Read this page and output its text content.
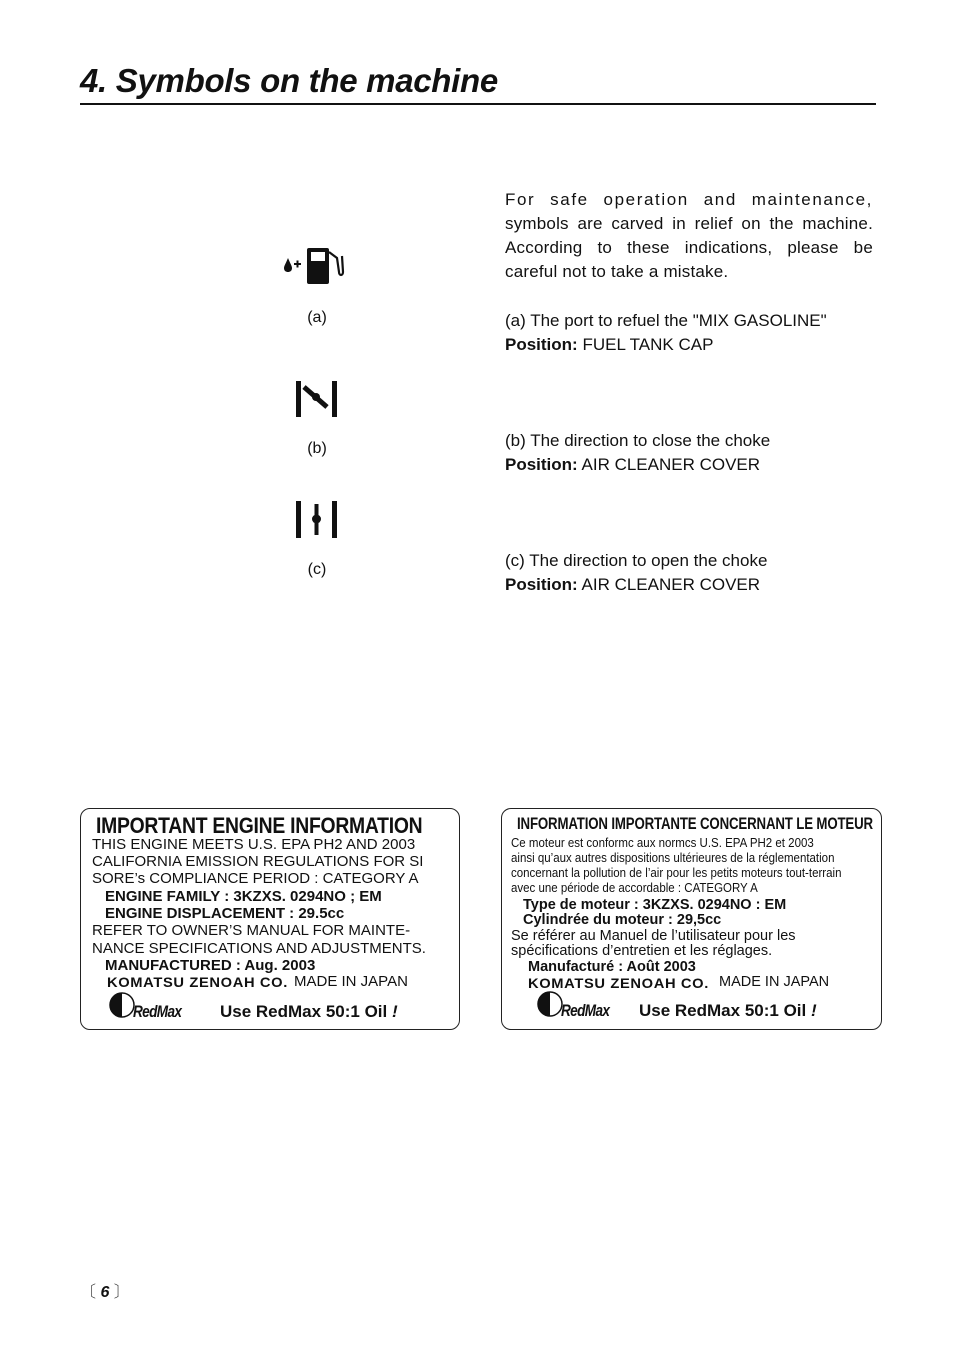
4. Symbols on the machine
For safe operation and maintenance, symbols are carved in relief on the machine. According to these indications, please be careful not to take a mistake.
(a)	(a) The port to refuel the "MIX GASOLINE"
Position: FUEL TANK CAP
(b)	(b) The direction to close the choke
Position: AIR CLEANER COVER
(c)	(c) The direction to open the choke
Position: AIR CLEANER COVER
IMPORTANT ENGINE INFORMATION
THIS ENGINE MEETS U.S. EPA PH2 AND 2003
CALIFORNIA EMISSION REGULATIONS FOR SI
SORE’s COMPLIANCE PERIOD : CATEGORY A
ENGINE FAMILY : 3KZXS. 0294NO ; EM
ENGINE DISPLACEMENT : 29.5cc
REFER TO OWNER’S MANUAL FOR MAINTE-
NANCE SPECIFICATIONS AND ADJUSTMENTS.
MANUFACTURED : Aug. 2003
KOMATSU ZENOAH CO. MADE IN JAPAN
RedMax Use RedMax 50:1 Oil !
INFORMATION IMPORTANTE CONCERNANT LE MOTEUR
Ce moteur est conformc aux normcs U.S. EPA PH2 et 2003
ainsi qu’aux autres dispositions ultérieures de la réglementation
concernant la pollution de l’air pour les petits moteurs tout-terrain
avec une période de accordable : CATEGORY A
Type de moteur : 3KZXS. 0294NO : EM
Cylindrée du moteur : 29,5cc
Se référer au Manuel de l’utilisateur pour les
spécifications d’entretien et les réglages.
Manufacturé : Août 2003
KOMATSU ZENOAH CO. MADE IN JAPAN
RedMax Use RedMax 50:1 Oil !
〔 6 〕
